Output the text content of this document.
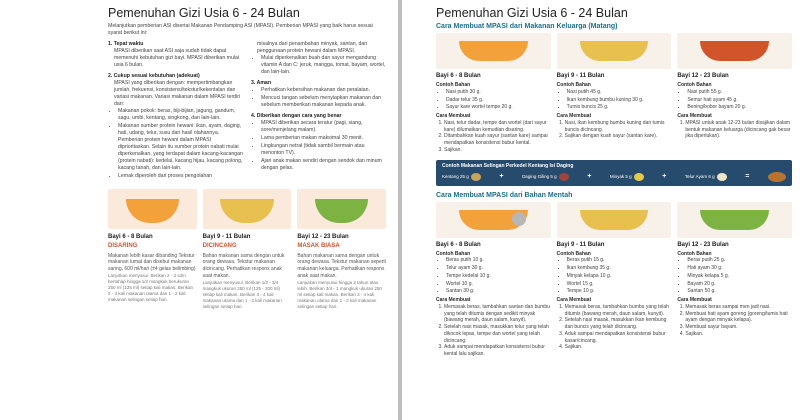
Pemenuhan Gizi Usia 6 - 24 Bulan
Melanjutkan pemberian ASI disertai Makanan Pendamping ASI (MPASI). Pemberian MPASI yang baik harus sesuai syarat berikut ini:
1. Tepat waktu
MPASI diberikan saat ASI saja sudah tidak dapat memenuhi kebutuhan gizi bayi. MPASI diberikan mulai usia 6 bulan.
2. Cukup sesuai kebutuhan (adekuat)
MPASI yang diberikan dengan: mempertimbangkan jumlah, frekuensi, konsistensi/tekstur/kekentalan dan variasi makanan. Variasi makanan dalam MPASI terdiri dari:
• Makanan pokok: beras, biji-bijian, jagung, gandum, sagu, umbi, kentang, singkong, dan lain-lain.
• Makanan sumber protein hewani: ikan, ayam, daging, hati, udang, telur, susu dan hasil olahannya. Pemberian protein hewani dalam MPASI diprioritaskan. Selain itu sumber protein nabati mulai diperkenalkan, yang terdapat dalam kacang-kacangan (protein nabati): kedelai, kacang hijau, kacang polong, kacang tanah, dan lain-lain.
• Lemak diperoleh dari proses pengolahan
misalnya dari penambahan minyak, santan, dan penggunaan protein hewani dalam MPASI.
• Mulai diperkenalkan buah dan sayur mengandung vitamin A dan C: jeruk, mangga, tomat, bayam, wortel, dan lain-lain.
3. Aman
• Perhatikan kebersihan makanan dan peralatan.
• Mencuci tangan sebelum menyiapkan makanan dan sebelum memberikan makanan kepada anak.
4. Diberikan dengan cara yang benar
• MPASI diberikan secara teratur (pagi, siang, sore/menjelang malam).
• Lama pemberian makan maksimal 30 menit.
• Lingkungan netral (tidak sambil bermain atau menonton TV).
• Ajari anak makan sendiri dengan sendok dan minum dengan gelas.
Bayi 6 - 8 Bulan
DISARING
Makanan lebih kasar dibanding Tekstur makanan lumat dan disebut makanan saring, 600 ml/hari (±4 gelas belimbing)
Lanjutkan menyusui. Berikan 2 - 3 sdm bertahap hingga 1/2 mangkuk berukuran 250 ml (125 ml) setiap kali makan. Berikan 2 - 3 kali makanan utama dan 1 - 2 kali makanan selingan setiap hari.
Bayi 9 - 11 Bulan
DICINCANG
Bahan makanan sama dengan untuk orang dewasa. Tekstur makanan dicincang. Perhatikan respons anak saat makan.
Lanjutkan menyusui. Berikan 1/2 - 3/4 mangkuk ukuran 250 ml (125 - 200 ml) setiap kali makan. Berikan 3 - 4 kali makanan utama dan 1 - 2 kali makanan selingan setiap hari.
Bayi 12 - 23 Bulan
MASAK BIASA
Bahan makanan sama dengan untuk orang dewasa. Tekstur makanan seperti makanan keluarga. Perhatikan respons anak saat makan.
Lanjutkan menyusui hingga 2 tahun atau lebih. Berikan 3/4 - 1 mangkuk ukuran 250 ml setiap kali makan. Berikan 3 - 4 kali makanan utama dan 1 - 2 kali makanan selingan setiap hari.
Pemenuhan Gizi Usia 6 - 24 Bulan
Cara Membuat MPASI dari Makanan Keluarga (Matang)
Bayi 6 - 8 Bulan
Contoh Bahan
• Nasi putih 30 g.
• Dadar telur 35 g.
• Sayur kare wortel tempe 20 g.
Cara Membuat
1. Nasi, telur dadar, tempe dan wortel (dari sayur kare) dilumatkan kemudian disaring.
2. Ditambahkan kuah sayur (santan kare) sampai mendapatkan konsistensi bubur kental.
3. Sajikan.
Bayi 9 - 11 Bulan
Contoh Bahan
• Nasi putih 45 g.
• Ikan kembung bumbu kuning 30 g.
• Tumis buncis 25 g.
Cara Membuat
1. Nasi, ikan kembung bumbu kuning dan tumis buncis dicincang.
2. Sajikan dengan kuah sayur (santan kare).
Bayi 12 - 23 Bulan
Contoh Bahan
• Nasi putih 55 g.
• Semur hati ayam 45 g.
• Bening/bobor bayam 20 g.
Cara Membuat
1. MPASI untuk anak 12-23 bulan disajikan dalam bentuk makanan keluarga (dicincang gak besar jika diperlukan).
Contoh Makanan Selingan Perkedel Kentang Isi Daging
Kentang 25 g	+	Daging Giling 5 g	+	Minyak 5 g	+	Telur Ayam 6 g	=
Cara Membuat MPASI dari Bahan Mentah
Bayi 6 - 8 Bulan
Contoh Bahan
• Beras putih 10 g.
• Telur ayam 30 g.
• Tempe kedelai 10 g.
• Wortel 10 g.
• Santan 30 g.
Cara Membuat
1. Memasak beras, tambahkan santan dan bumbu yang telah ditumis dengan sedikit minyak (bawang merah, daun salam, kunyit).
2. Setelah nasi masak, masukkan telur yang telah dikocok lepas, tempe dan wortel yang telah dicincang.
3. Aduk sampai mendapatkan konsistensi bubur kental lalu sajikan.
Bayi 9 - 11 Bulan
Contoh Bahan
• Beras putih 15 g.
• Ikan kembung 35 g.
• Minyak kelapa 10 g.
• Wortel 15 g.
• Tempe 10 g.
Cara Membuat
1. Memasak beras, tambahkan bumbu yang telah ditumis (bawang merah, daun salam, kunyit).
2. Setelah nasi masak, masukkan ikan kembung dan buncis yang telah dicincang.
3. Aduk sampai mendapatkan konsistensi bubur kasar/cincang.
4. Sajikan.
Bayi 12 - 23 Bulan
Contoh Bahan
• Beras putih 25 g.
• Hati ayam 30 g.
• Minyak kelapa 5 g.
• Bayam 20 g.
• Santan 50 g.
Cara Membuat
1. Memasak beras sampai men jadi nasi.
2. Membuat hati ayam goreng (goreng/tumis hati ayam dengan minyak kelapa).
3. Membuat sayur bayam.
4. Sajikan.
